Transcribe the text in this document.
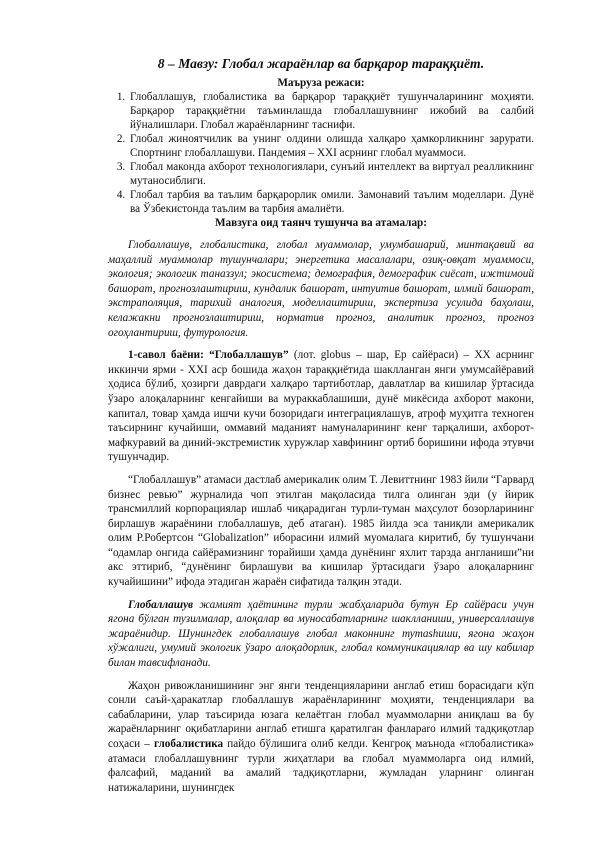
8 – Мавзу: Глобал жараёнлар ва барқарор тараққиёт.

Маъруза режаси:

1. Глобаллашув, глобалистика ва барқарор тараққиёт тушунчаларининг моҳияти. Барқарор тараққиётни таъминлашда глобаллашувнинг ижобий ва салбий йўналишлари. Глобал жараёнларнинг таснифи.
2. Глобал жиноятчилик ва унинг олдини олишда халқаро ҳамкорликнинг зарурати. Спортнинг глобаллашуви. Пандемия – XXI асрнинг глобал муаммоси.
3. Глобал маконда ахборот технологиялари, сунъий интеллект ва виртуал реалликнинг мутаносиблиги.
4. Глобал тарбия ва таълим барқарорлик омили. Замонавий таълим моделлари. Дунё ва Ўзбекистонда таълим ва тарбия амалиёти.

Мавзуга оид таянч тушунча ва атамалар:

Глобаллашув, глобалистика, глобал муаммолар, умумбашарий, минтақавий ва маҳаллий муаммолар тушунчалари; энергетика масалалари, озиқ-овқат муаммоси, экология; экологик таназзул; экосистема; демография, демографик сиёсат, ижтимоий башорат, прогнозлаштириш, кундалик башорат, интуитив башорат, илмий башорат, экстраполяция, тарихий аналогия, моделлаштириш, экспертиза усулида баҳолаш, келажакни прогнозлаштириш, норматив прогноз, аналитик прогноз, прогноз огоҳлантириш, футурология.

1-савол баёни: “Глобаллашув” (лот. globus – шар, Ер сайёраси) – XX асрнинг иккинчи ярми - XXI аср бошида жаҳон тараққиётида шаклланган янги умумсайёравий ҳодиса бўлиб, ҳозирги даврдаги халқаро тартиботлар, давлатлар ва кишилар ўртасида ўзаро алоқаларнинг кенгайиши ва мураккаблашиши, дунё микёсида ахборот макони, капитал, товар ҳамда ишчи кучи бозоридаги интеграциялашув, атроф муҳитга техноген таъсирнинг кучайиши, оммавий маданият намуналарининг кенг тарқалиши, ахборот-мафкуравий ва диний-экстремистик хуружлар хавфининг ортиб боришини ифода этувчи тушунчадир.

“Глобаллашув” атамаси дастлаб америкалик олим Т. Левиттнинг 1983 йили “Гарвард бизнес ревью” журналида чоп этилган мақоласида тилга олинган эди (у йирик трансмиллий корпорациялар ишлаб чиқарадиган турли-туман маҳсулот бозорларининг бирлашув жараёнини глобаллашув, деб атаган). 1985 йилда эса таниқли америкалик олим Р.Робертсон “Globalization” иборасини илмий муомалага киритиб, бу тушунчани “одамлар онгида сайёрамизнинг торайиши ҳамда дунёнинг яхлит тарзда англаниши”ни акс эттириб, “дунёнинг бирлашуви ва кишилар ўртасидаги ўзаро алоқаларнинг кучайишини” ифода этадиган жараён сифатида талқин этади.

Глобаллашув жамият ҳаётининг турли жабҳаларида бутун Ер сайёраси учун ягона бўлган тузилмалар, алоқалар ва муносабатларнинг шаклланиши, универсаллашув жараёнидир. Шунингдек глобаллашув глобал маконнинг тутashиши, ягона жаҳон хўжалиги, умумий экологик ўзаро алоқадорлик, глобал коммуникациялар ва шу кабилар билан тавсифланади.

Жаҳон ривожланишининг энг янги тенденцияларини англаб етиш борасидаги кўп сонли саъй-ҳаракатлар глобаллашув жараёнларининг моҳияти, тенденциялари ва сабабларини, улар таъсирида юзага келаётган глобал муаммоларни аниқлаш ва бу жараёнларнинг оқибатларини англаб етишга қаратилган фанларaro илмий тадқиқотлар соҳаси – глобалистика пайдо бўлишига олиб келди. Кенгроқ маънода «глобалистика» атамаси глобаллашувнинг турли жиҳатлари ва глобал муаммоларга оид илмий, фалсафий, маданий ва амалий тадқиқотларни, жумладан уларнинг олинган натижаларини, шунингдек
